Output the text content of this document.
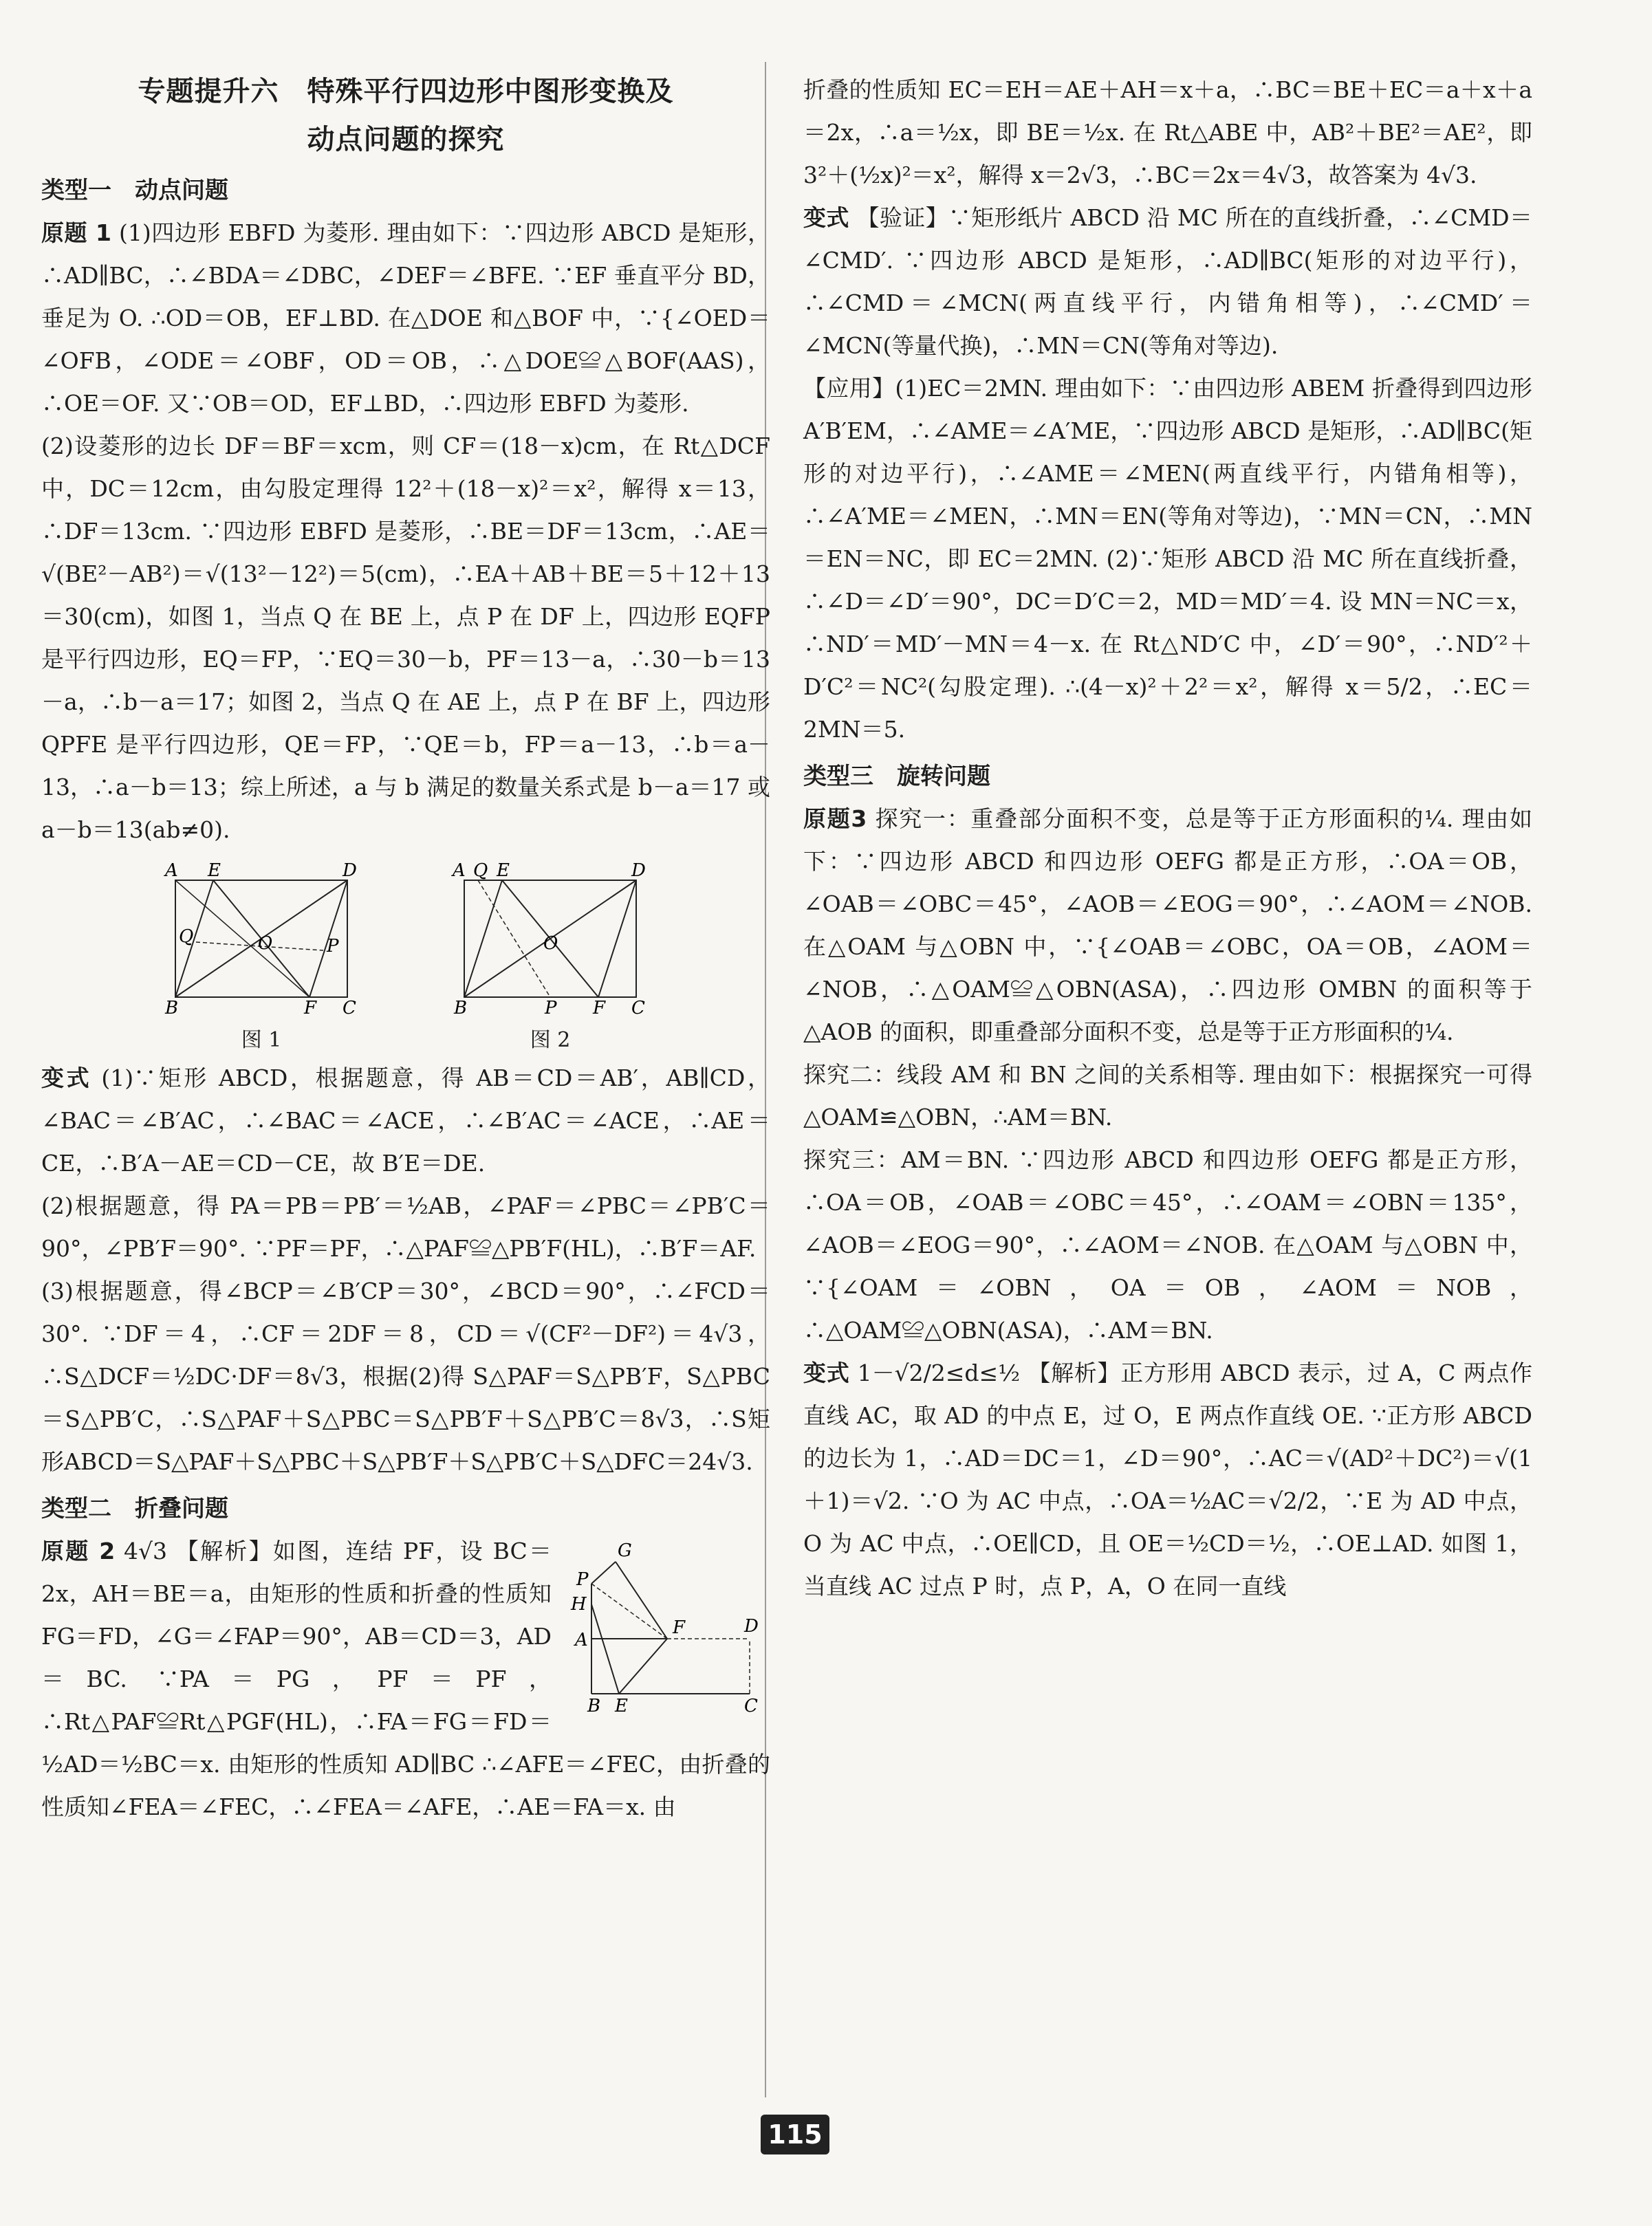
专题提升六　特殊平行四边形中图形变换及
动点问题的探究
类型一　动点问题

原题 1 (1)四边形 EBFD 为菱形. 理由如下：∵四边形 ABCD 是矩形，∴AD∥BC，∴∠BDA＝∠DBC，∠DEF＝∠BFE. ∵EF 垂直平分 BD，垂足为 O. ∴OD＝OB，EF⊥BD. 在△DOE 和△BOF 中，∵{∠OED＝∠OFB，∠ODE＝∠OBF，OD＝OB，∴△DOE≌△BOF(AAS)，∴OE＝OF. 又∵OB＝OD，EF⊥BD，∴四边形 EBFD 为菱形.

(2)设菱形的边长 DF＝BF＝xcm，则 CF＝(18－x)cm，在 Rt△DCF中，DC＝12cm，由勾股定理得 12²＋(18－x)²＝x²，解得 x＝13，∴DF＝13cm. ∵四边形 EBFD 是菱形，∴BE＝DF＝13cm，∴AE＝√(BE²－AB²)＝√(13²－12²)＝5(cm)，∴EA＋AB＋BE＝5＋12＋13＝30(cm)，如图 1，当点 Q 在 BE 上，点 P 在 DF 上，四边形 EQFP 是平行四边形，EQ＝FP，∵EQ＝30－b，PF＝13－a，∴30－b＝13－a，∴b－a＝17；如图 2，当点 Q 在 AE 上，点 P 在 BF 上，四边形 QPFE 是平行四边形，QE＝FP，∵QE＝b，FP＝a－13，∴b＝a－13，∴a－b＝13；综上所述，a 与 b 满足的数量关系式是 b－a＝17 或 a－b＝13(ab≠0).

A E	D
B	F C
Q	P
O
图 1
A Q E	D
B	P F C
O
图 2

变式 (1)∵矩形 ABCD，根据题意，得 AB＝CD＝AB′，AB∥CD，∠BAC＝∠B′AC，∴∠BAC＝∠ACE，∴∠B′AC＝∠ACE，∴AE＝CE，∴B′A－AE＝CD－CE，故 B′E＝DE.

(2)根据题意，得 PA＝PB＝PB′＝½AB，∠PAF＝∠PBC＝∠PB′C＝90°，∠PB′F＝90°. ∵PF＝PF，∴△PAF≌△PB′F(HL)，∴B′F＝AF.

(3)根据题意，得∠BCP＝∠B′CP＝30°，∠BCD＝90°，∴∠FCD＝30°. ∵DF＝4，∴CF＝2DF＝8，CD＝√(CF²－DF²)＝4√3，∴S△DCF＝½DC·DF＝8√3，根据(2)得 S△PAF＝S△PB′F，S△PBC＝S△PB′C，∴S△PAF＋S△PBC＝S△PB′F＋S△PB′C＝8√3，∴S矩形ABCD＝S△PAF＋S△PBC＋S△PB′F＋S△PB′C＋S△DFC＝24√3.

类型二　折叠问题
P
G
H
A
F	D
B E	C

原题 2 4√3 【解析】如图，连结 PF，设 BC＝2x，AH＝BE＝a，由矩形的性质和折叠的性质知 FG＝FD，∠G＝∠FAP＝90°，AB＝CD＝3，AD＝BC. ∵PA＝PG，PF＝PF，∴Rt△PAF≌Rt△PGF(HL)，∴FA＝FG＝FD＝½AD＝½BC＝x. 由矩形的性质知 AD∥BC ∴∠AFE＝∠FEC，由折叠的性质知∠FEA＝∠FEC，∴∠FEA＝∠AFE，∴AE＝FA＝x. 由

折叠的性质知 EC＝EH＝AE＋AH＝x＋a，∴BC＝BE＋EC＝a＋x＋a＝2x，∴a＝½x，即 BE＝½x. 在 Rt△ABE 中，AB²＋BE²＝AE²，即 3²＋(½x)²＝x²，解得 x＝2√3，∴BC＝2x＝4√3，故答案为 4√3.

变式 【验证】∵矩形纸片 ABCD 沿 MC 所在的直线折叠，∴∠CMD＝∠CMD′. ∵四边形 ABCD 是矩形，∴AD∥BC(矩形的对边平行)，∴∠CMD＝∠MCN(两直线平行，内错角相等)，∴∠CMD′＝∠MCN(等量代换)，∴MN＝CN(等角对等边).

【应用】(1)EC＝2MN. 理由如下：∵由四边形 ABEM 折叠得到四边形 A′B′EM，∴∠AME＝∠A′ME，∵四边形 ABCD 是矩形，∴AD∥BC(矩形的对边平行)，∴∠AME＝∠MEN(两直线平行，内错角相等)，∴∠A′ME＝∠MEN，∴MN＝EN(等角对等边)，∵MN＝CN，∴MN＝EN＝NC，即 EC＝2MN. (2)∵矩形 ABCD 沿 MC 所在直线折叠，∴∠D＝∠D′＝90°，DC＝D′C＝2，MD＝MD′＝4. 设 MN＝NC＝x，∴ND′＝MD′－MN＝4－x. 在 Rt△ND′C 中，∠D′＝90°，∴ND′²＋D′C²＝NC²(勾股定理). ∴(4－x)²＋2²＝x²，解得 x＝5/2，∴EC＝2MN＝5.

类型三　旋转问题

原题3 探究一：重叠部分面积不变，总是等于正方形面积的¼. 理由如下：∵四边形 ABCD 和四边形 OEFG 都是正方形，∴OA＝OB，∠OAB＝∠OBC＝45°，∠AOB＝∠EOG＝90°，∴∠AOM＝∠NOB. 在△OAM 与△OBN 中，∵{∠OAB＝∠OBC，OA＝OB，∠AOM＝∠NOB，∴△OAM≌△OBN(ASA)，∴四边形 OMBN 的面积等于△AOB 的面积，即重叠部分面积不变，总是等于正方形面积的¼.

探究二：线段 AM 和 BN 之间的关系相等. 理由如下：根据探究一可得△OAM≌△OBN，∴AM＝BN.

探究三：AM＝BN. ∵四边形 ABCD 和四边形 OEFG 都是正方形，∴OA＝OB，∠OAB＝∠OBC＝45°，∴∠OAM＝∠OBN＝135°，∠AOB＝∠EOG＝90°，∴∠AOM＝∠NOB. 在△OAM 与△OBN 中，∵{∠OAM＝∠OBN，OA＝OB，∠AOM＝NOB，∴△OAM≌△OBN(ASA)，∴AM＝BN.

变式 1－√2/2≤d≤½ 【解析】正方形用 ABCD 表示，过 A，C 两点作直线 AC，取 AD 的中点 E，过 O，E 两点作直线 OE. ∵正方形 ABCD 的边长为 1，∴AD＝DC＝1，∠D＝90°，∴AC＝√(AD²＋DC²)＝√(1＋1)＝√2. ∵O 为 AC 中点，∴OA＝½AC＝√2/2，∵E 为 AD 中点，O 为 AC 中点，∴OE∥CD，且 OE＝½CD＝½，∴OE⊥AD. 如图 1，当直线 AC 过点 P 时，点 P，A，O 在同一直线

115
